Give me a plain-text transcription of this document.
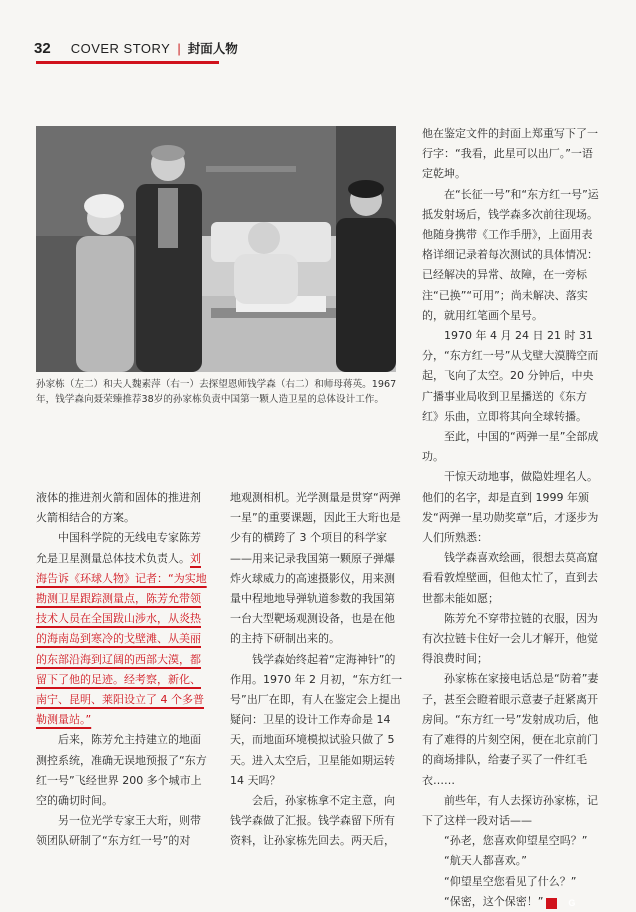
32 COVER STORY | 封面人物
孙家栋（左二）和夫人魏素萍（右一）去探望恩师钱学森（右二）和师母蒋英。1967年，钱学森向聂荣臻推荐38岁的孙家栋负责中国第一颗人造卫星的总体设计工作。

液体的推进剂火箭和固体的推进剂火箭相结合的方案。

中国科学院的无线电专家陈芳允是卫星测量总体技术负责人。刘海告诉《环球人物》记者：“为实地勘测卫星跟踪测量点，陈芳允带领技术人员在全国跋山涉水，从炎热的海南岛到寒冷的戈壁滩、从美丽的东部沿海到辽阔的西部大漠，都留下了他的足迹。经考察，新化、南宁、昆明、莱阳设立了 4 个多普勒测量站。”

后来，陈芳允主持建立的地面测控系统，准确无误地预报了“东方红一号”飞经世界 200 多个城市上空的确切时间。

另一位光学专家王大珩，则带领团队研制了“东方红一号”的对

地观测相机。光学测量是贯穿“两弹一星”的重要课题，因此王大珩也是少有的横跨了 3 个项目的科学家——用来记录我国第一颗原子弹爆炸火球威力的高速摄影仪，用来测量中程地地导弹轨道参数的我国第一台大型靶场观测设备，也是在他的主持下研制出来的。

钱学森始终起着“定海神针”的作用。1970 年 2 月初，“东方红一号”出厂在即，有人在鉴定会上提出疑问：卫星的设计工作寿命是 14 天，而地面环境模拟试验只做了 5 天。进入太空后，卫星能如期运转 14 天吗？

会后，孙家栋拿不定主意，向钱学森做了汇报。钱学森留下所有资料，让孙家栋先回去。两天后，

他在鉴定文件的封面上郑重写下了一行字：“我看，此星可以出厂。”一语定乾坤。

在“长征一号”和“东方红一号”运抵发射场后，钱学森多次前往现场。他随身携带《工作手册》，上面用表格详细记录着每次测试的具体情况：已经解决的异常、故障，在一旁标注“已换”“可用”；尚未解决、落实的，就用红笔画个星号。

1970 年 4 月 24 日 21 时 31 分，“东方红一号”从戈壁大漠腾空而起，飞向了太空。20 分钟后，中央广播事业局收到卫星播送的《东方红》乐曲，立即将其向全球转播。

至此，中国的“两弹一星”全部成功。

干惊天动地事，做隐姓埋名人。他们的名字，却是直到 1999 年颁发“两弹一星功勋奖章”后，才逐步为人们所熟悉：

钱学森喜欢绘画，很想去莫高窟看看敦煌壁画，但他太忙了，直到去世都未能如愿；

陈芳允不穿带拉链的衣服，因为有次拉链卡住好一会儿才解开，他觉得浪费时间；

孙家栋在家接电话总是“防着”妻子，甚至会瞪着眼示意妻子赶紧离开房间。“东方红一号”发射成功后，他有了难得的片刻空闲，便在北京前门的商场排队，给妻子买了一件红毛衣……

前些年，有人去探访孙家栋，记下了这样一段对话——

“孙老，您喜欢仰望星空吗？”

“航天人都喜欢。”

“仰望星空您看见了什么？”

“保密，这个保密！”	G
